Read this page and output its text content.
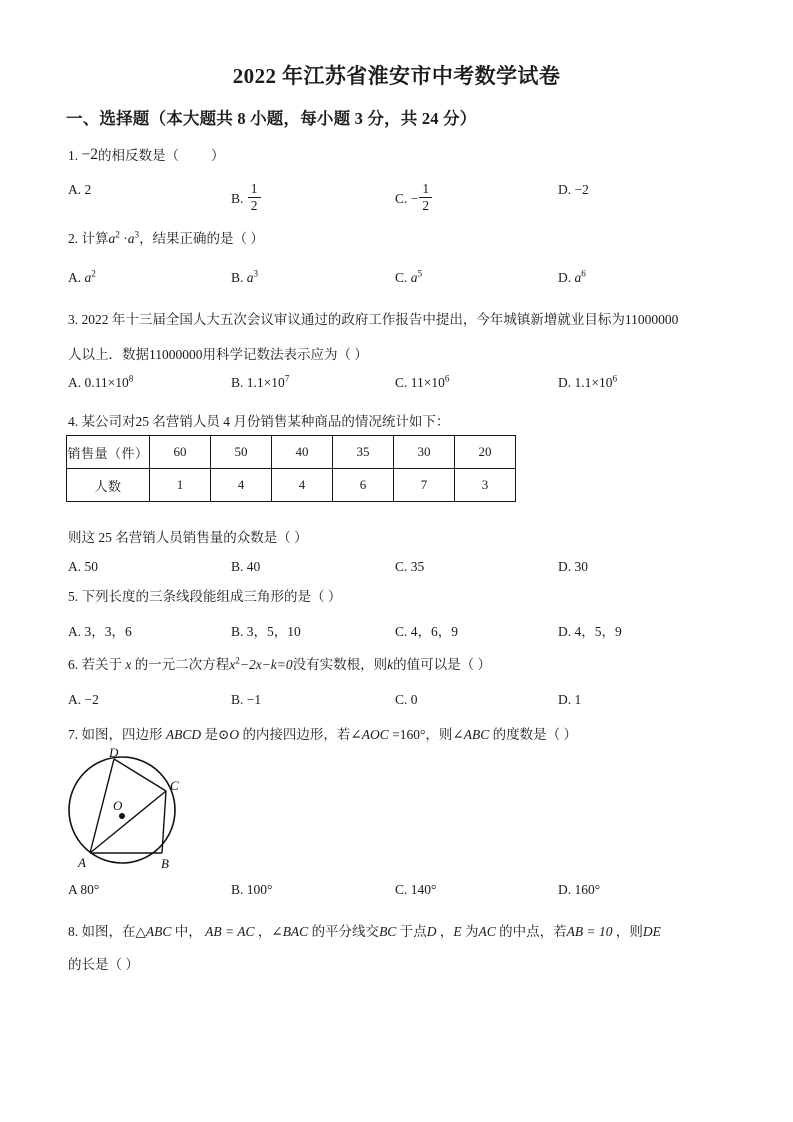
2022 年江苏省淮安市中考数学试卷
一、选择题（本大题共 8 小题，每小题 3 分，共 24 分）
1. −2的相反数是（ ）
A. 2
B. $\frac{1}{2}$	C. − $\frac{1}{2}$	D. −2
2. 计算$a^2 \cdot a^3$，结果正确的是（ ）
A. $a^2$	B. $a^3$	C. $a^5$	D. $a^6$
3. 2022 年十三届全国人大五次会议审议通过的政府工作报告中提出，今年城镇新增就业目标为11000000
人以上．数据11000000用科学记数法表示应为（ ）
A. $0.11\times 10^8$	B. $1.1\times 10^7$	C. $11\times 10^6$	D. $1.1\times 10^6$
4. 某公司对25 名营销人员 4 月份销售某种商品的情况统计如下：
销售量（件）	60	50	40	35	30	20
人数	1	4	4	6	7	3
则这 25 名营销人员销售量的众数是（ ）
A. 50	B. 40	C. 35	D. 30
5. 下列长度的三条线段能组成三角形的是（ ）
A. 3，3，6	B. 3，5，10	C. 4，6，9	D. 4，5，9
6. 若关于 x 的一元二次方程$x^2-2x-k=0$没有实数根，则k的值可以是（ ）
A. −2	B. −1	C. 0	D. 1
7. 如图，四边形 ABCD 是⊙O 的内接四边形，若∠AOC =160°，则∠ABC 的度数是（ ）
D
C
O
A	B
A 80°	B. 100°	C. 140°	D. 160°
8. 如图，在△ABC 中， AB = AC ，∠BAC 的平分线交BC 于点D ，E 为AC 的中点，若AB = 10 ，则DE
的长是（ ）
